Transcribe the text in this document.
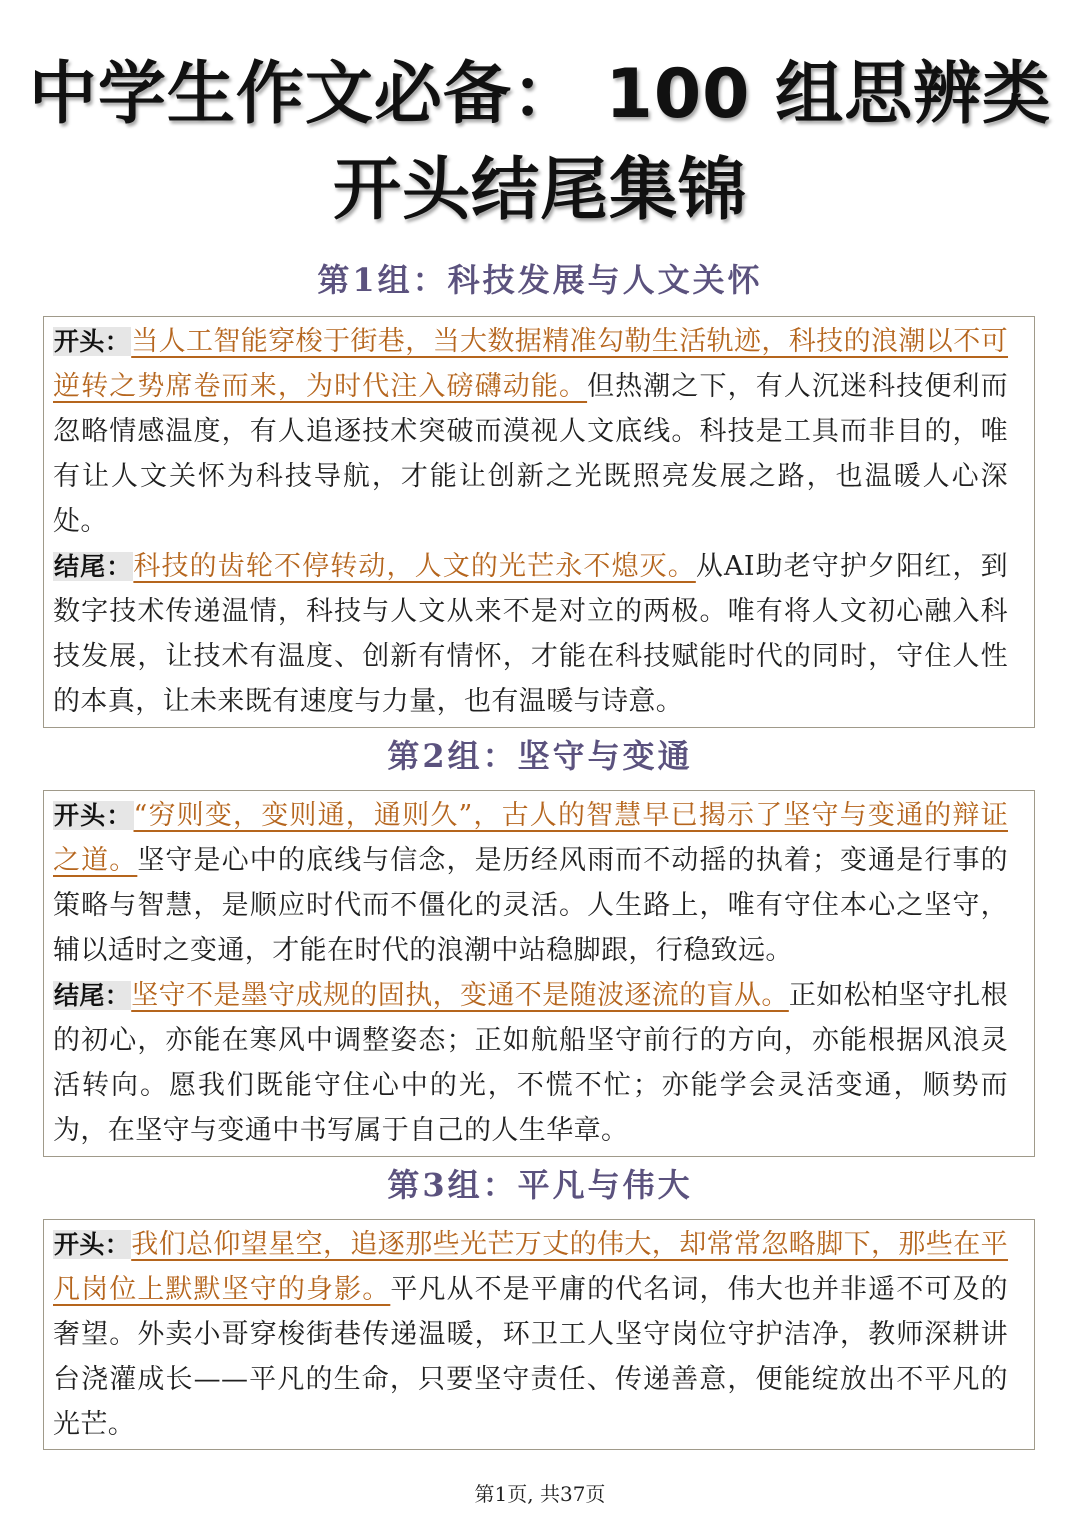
中学生作文必备： 100 组思辨类
开头结尾集锦
第1组：科技发展与人文关怀

开头：当人工智能穿梭于街巷，当大数据精准勾勒生活轨迹，科技的浪潮以不可逆转之势席卷而来，为时代注入磅礴动能。但热潮之下，有人沉迷科技便利而忽略情感温度，有人追逐技术突破而漠视人文底线。科技是工具而非目的，唯有让人文关怀为科技导航，才能让创新之光既照亮发展之路，也温暖人心深处。

结尾：科技的齿轮不停转动，人文的光芒永不熄灭。从AI助老守护夕阳红，到数字技术传递温情，科技与人文从来不是对立的两极。唯有将人文初心融入科技发展，让技术有温度、创新有情怀，才能在科技赋能时代的同时，守住人性的本真，让未来既有速度与力量，也有温暖与诗意。

第2组：坚守与变通

开头：“穷则变，变则通，通则久”，古人的智慧早已揭示了坚守与变通的辩证之道。坚守是心中的底线与信念，是历经风雨而不动摇的执着；变通是行事的策略与智慧，是顺应时代而不僵化的灵活。人生路上，唯有守住本心之坚守，辅以适时之变通，才能在时代的浪潮中站稳脚跟，行稳致远。

结尾：坚守不是墨守成规的固执，变通不是随波逐流的盲从。正如松柏坚守扎根的初心，亦能在寒风中调整姿态；正如航船坚守前行的方向，亦能根据风浪灵活转向。愿我们既能守住心中的光，不慌不忙；亦能学会灵活变通，顺势而为，在坚守与变通中书写属于自己的人生华章。

第3组：平凡与伟大

开头：我们总仰望星空，追逐那些光芒万丈的伟大，却常常忽略脚下，那些在平凡岗位上默默坚守的身影。平凡从不是平庸的代名词，伟大也并非遥不可及的奢望。外卖小哥穿梭街巷传递温暖，环卫工人坚守岗位守护洁净，教师深耕讲台浇灌成长——平凡的生命，只要坚守责任、传递善意，便能绽放出不平凡的光芒。

第1页, 共37页
